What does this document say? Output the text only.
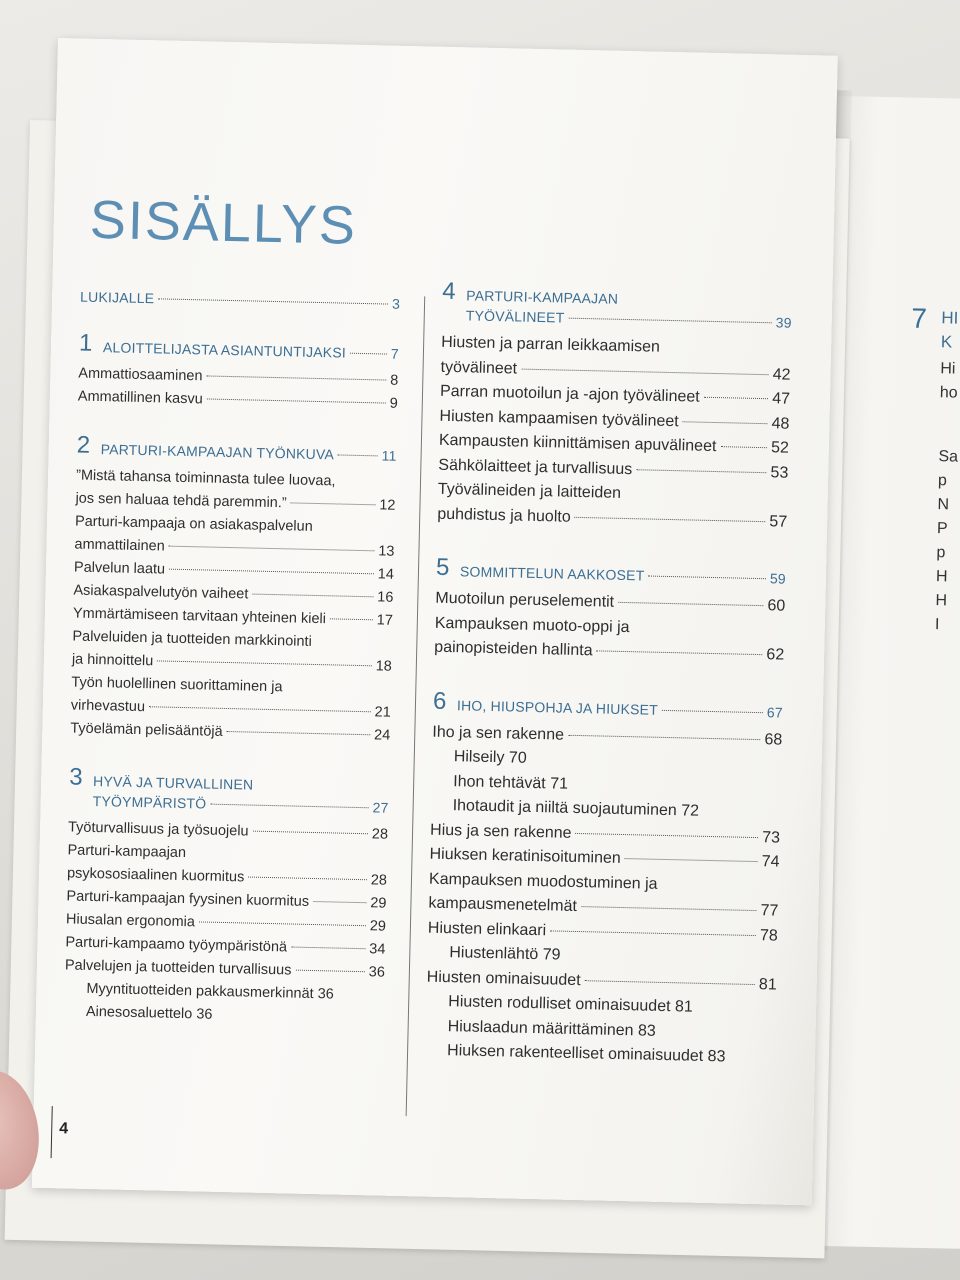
7 HI
K
Hi
ho
Sa
p
N
P
p
H
H
I
SISÄLLYS
LUKIJALLE	3
1 ALOITTELIJASTA ASIANTUNTIJAKSI	7
Ammattiosaaminen	8
Ammatillinen kasvu	9
2 PARTURI-KAMPAAJAN TYÖNKUVA	11
”Mistä tahansa toiminnasta tulee luovaa,
jos sen haluaa tehdä paremmin.”	12
Parturi-kampaaja on asiakaspalvelun
ammattilainen	13
Palvelun laatu	14
Asiakaspalvelutyön vaiheet	16
Ymmärtämiseen tarvitaan yhteinen kieli	17
Palveluiden ja tuotteiden markkinointi
ja hinnoittelu	18
Työn huolellinen suorittaminen ja
virhevastuu	21
Työelämän pelisääntöjä	24
3 HYVÄ JA TURVALLINEN
TYÖYMPÄRISTÖ	27
Työturvallisuus ja työsuojelu	28
Parturi-kampaajan
psykososiaalinen kuormitus	28
Parturi-kampaajan fyysinen kuormitus	29
Hiusalan ergonomia	29
Parturi-kampaamo työympäristönä	34
Palvelujen ja tuotteiden turvallisuus	36
Myyntituotteiden pakkausmerkinnät 36
Ainesosaluettelo 36
4 PARTURI-KAMPAAJAN
TYÖVÄLINEET	39
Hiusten ja parran leikkaamisen
työvälineet	42
Parran muotoilun ja -ajon työvälineet	47
Hiusten kampaamisen työvälineet	48
Kampausten kiinnittämisen apuvälineet	52
Sähkölaitteet ja turvallisuus	53
Työvälineiden ja laitteiden
puhdistus ja huolto	57
5 SOMMITTELUN AAKKOSET	59
Muotoilun peruselementit	60
Kampauksen muoto-oppi ja
painopisteiden hallinta	62
6 IHO, HIUSPOHJA JA HIUKSET	67
Iho ja sen rakenne	68
Hilseily 70
Ihon tehtävät 71
Ihotaudit ja niiltä suojautuminen 72
Hius ja sen rakenne	73
Hiuksen keratinisoituminen	74
Kampauksen muodostuminen ja
kampausmenetelmät	77
Hiusten elinkaari	78
Hiustenlähtö 79
Hiusten ominaisuudet	81
Hiusten rodulliset ominaisuudet 81
Hiuslaadun määrittäminen 83
Hiuksen rakenteelliset ominaisuudet 83
4
